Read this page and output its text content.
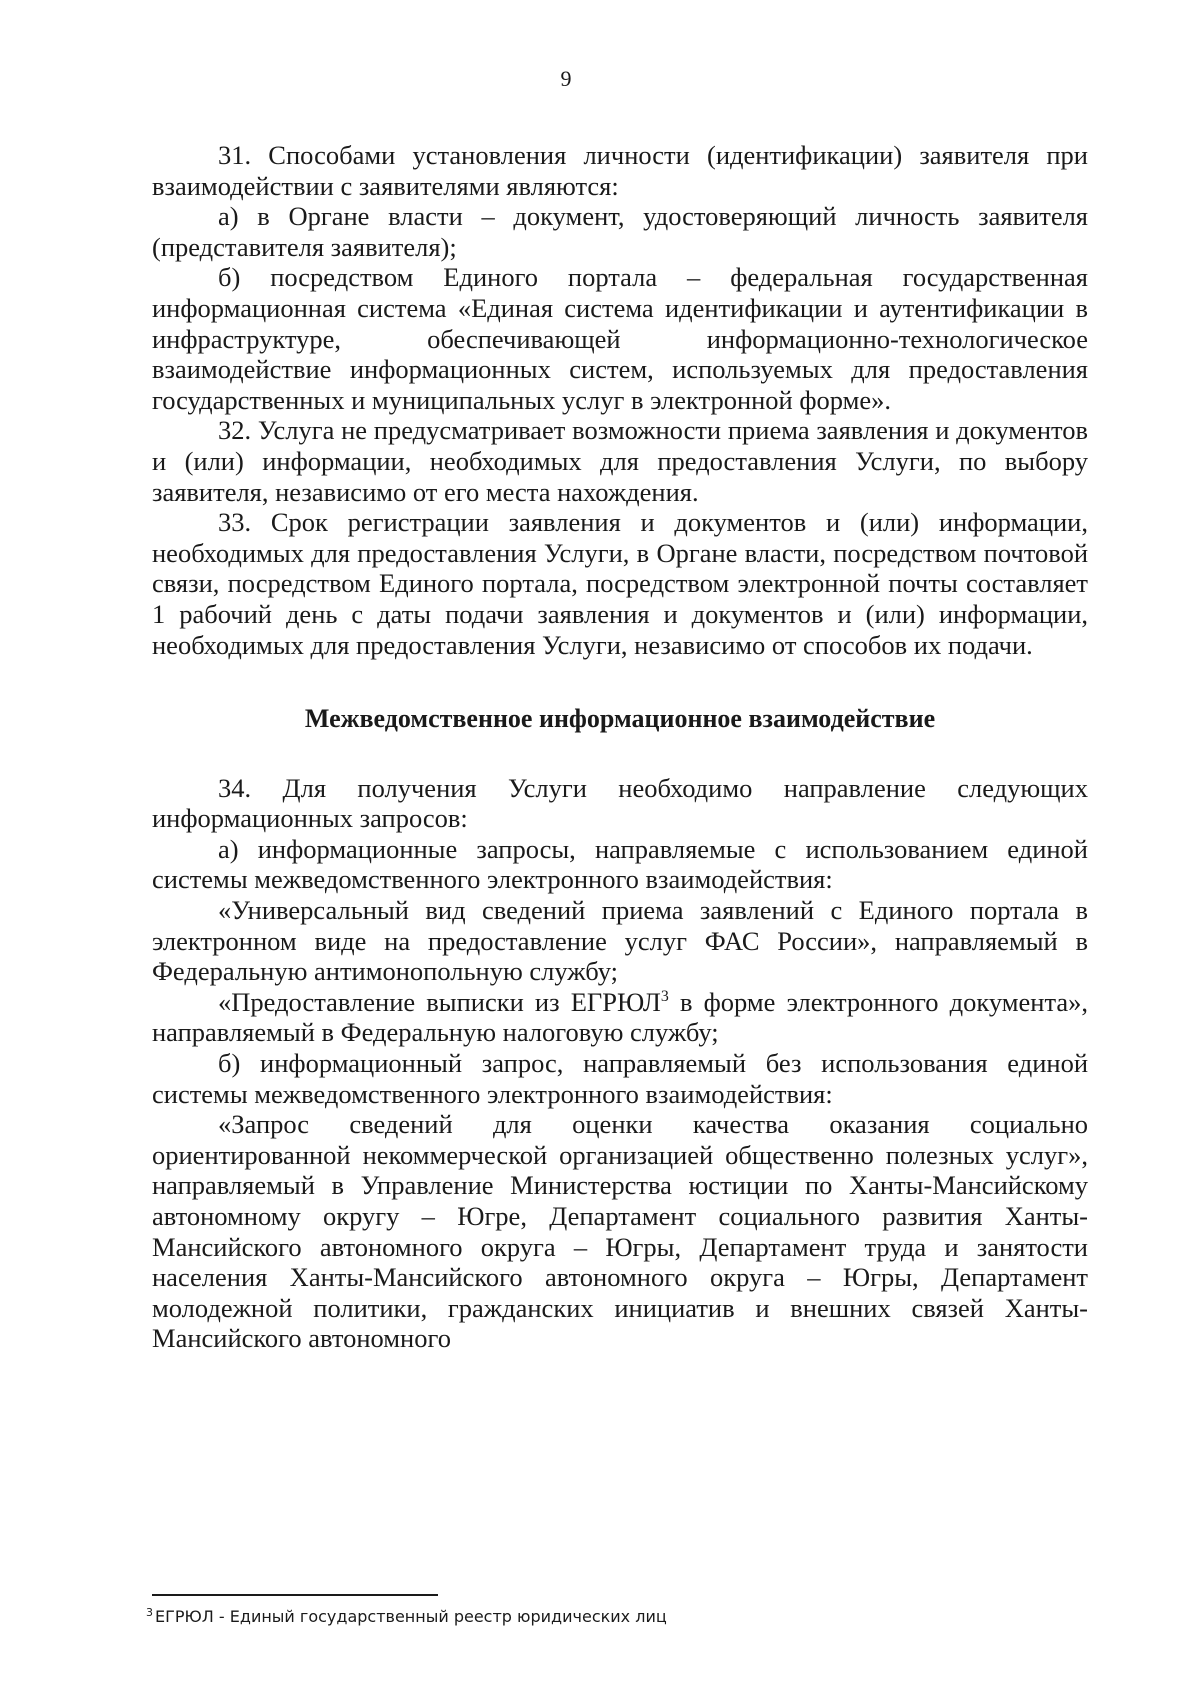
9

31. Способами установления личности (идентификации) заявителя при взаимодействии с заявителями являются:

а) в Органе власти – документ, удостоверяющий личность заявителя (представителя заявителя);

б) посредством Единого портала – федеральная государственная информационная система «Единая система идентификации и аутентификации в инфраструктуре, обеспечивающей информационно-технологическое взаимодействие информационных систем, используемых для предоставления государственных и муниципальных услуг в электронной форме».

32. Услуга не предусматривает возможности приема заявления и документов и (или) информации, необходимых для предоставления Услуги, по выбору заявителя, независимо от его места нахождения.

33. Срок регистрации заявления и документов и (или) информации, необходимых для предоставления Услуги, в Органе власти, посредством почтовой связи, посредством Единого портала, посредством электронной почты составляет 1 рабочий день с даты подачи заявления и документов и (или) информации, необходимых для предоставления Услуги, независимо от способов их подачи.

Межведомственное информационное взаимодействие

34. Для получения Услуги необходимо направление следующих информационных запросов:

а) информационные запросы, направляемые с использованием единой системы межведомственного электронного взаимодействия:

«Универсальный вид сведений приема заявлений с Единого портала в электронном виде на предоставление услуг ФАС России», направляемый в Федеральную антимонопольную службу;

«Предоставление выписки из ЕГРЮЛ$^3$ в форме электронного документа», направляемый в Федеральную налоговую службу;

б) информационный запрос, направляемый без использования единой системы межведомственного электронного взаимодействия:

«Запрос сведений для оценки качества оказания социально ориентированной некоммерческой организацией общественно полезных услуг», направляемый в Управление Министерства юстиции по Ханты-Мансийскому автономному округу – Югре, Департамент социального развития Ханты-Мансийского автономного округа – Югры, Департамент труда и занятости населения Ханты-Мансийского автономного округа – Югры, Департамент молодежной политики, гражданских инициатив и внешних связей Ханты-Мансийского автономного

$^3$ ЕГРЮЛ - Единый государственный реестр юридических лиц
